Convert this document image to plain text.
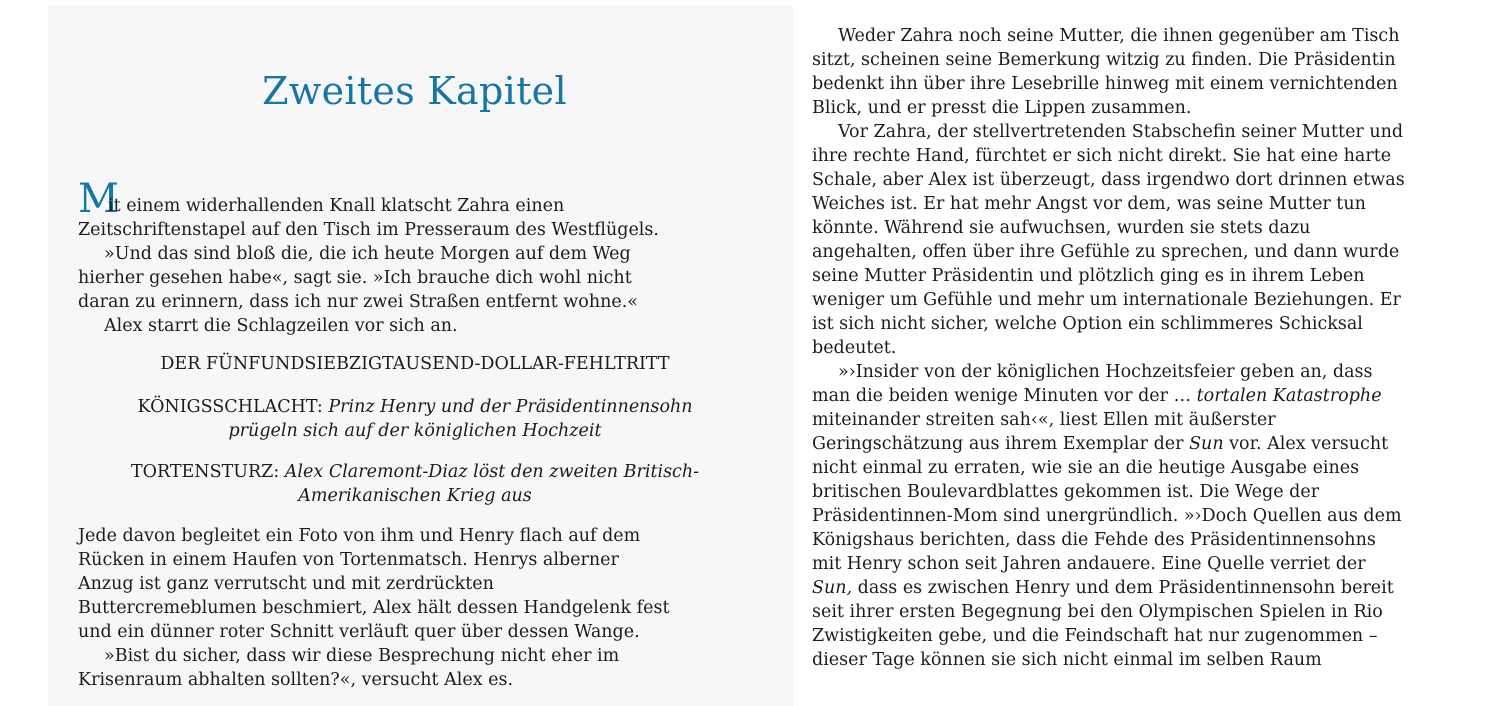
Zweites Kapitel
M
it einem widerhallenden Knall klatscht Zahra einen
Zeitschriftenstapel auf den Tisch im Presseraum des Westflügels.
»Und das sind bloß die, die ich heute Morgen auf dem Weg
hierher gesehen habe«, sagt sie. »Ich brauche dich wohl nicht
daran zu erinnern, dass ich nur zwei Straßen entfernt wohne.«
Alex starrt die Schlagzeilen vor sich an.
DER FÜNFUNDSIEBZIGTAUSEND-DOLLAR-FEHLTRITT
KÖNIGSSCHLACHT: Prinz Henry und der Präsidentinnensohn
prügeln sich auf der königlichen Hochzeit
TORTENSTURZ: Alex Claremont-Diaz löst den zweiten Britisch-
Amerikanischen Krieg aus
Jede davon begleitet ein Foto von ihm und Henry flach auf dem
Rücken in einem Haufen von Tortenmatsch. Henrys alberner
Anzug ist ganz verrutscht und mit zerdrückten
Buttercremeblumen beschmiert, Alex hält dessen Handgelenk fest
und ein dünner roter Schnitt verläuft quer über dessen Wange.
»Bist du sicher, dass wir diese Besprechung nicht eher im
Krisenraum abhalten sollten?«, versucht Alex es.
Weder Zahra noch seine Mutter, die ihnen gegenüber am Tisch
sitzt, scheinen seine Bemerkung witzig zu finden. Die Präsidentin
bedenkt ihn über ihre Lesebrille hinweg mit einem vernichtenden
Blick, und er presst die Lippen zusammen.
Vor Zahra, der stellvertretenden Stabschefin seiner Mutter und
ihre rechte Hand, fürchtet er sich nicht direkt. Sie hat eine harte
Schale, aber Alex ist überzeugt, dass irgendwo dort drinnen etwas
Weiches ist. Er hat mehr Angst vor dem, was seine Mutter tun
könnte. Während sie aufwuchsen, wurden sie stets dazu
angehalten, offen über ihre Gefühle zu sprechen, und dann wurde
seine Mutter Präsidentin und plötzlich ging es in ihrem Leben
weniger um Gefühle und mehr um internationale Beziehungen. Er
ist sich nicht sicher, welche Option ein schlimmeres Schicksal
bedeutet.
»›Insider von der königlichen Hochzeitsfeier geben an, dass
man die beiden wenige Minuten vor der … tortalen Katastrophe
miteinander streiten sah‹«, liest Ellen mit äußerster
Geringschätzung aus ihrem Exemplar der Sun vor. Alex versucht
nicht einmal zu erraten, wie sie an die heutige Ausgabe eines
britischen Boulevardblattes gekommen ist. Die Wege der
Präsidentinnen-Mom sind unergründlich. »›Doch Quellen aus dem
Königshaus berichten, dass die Fehde des Präsidentinnensohns
mit Henry schon seit Jahren andauere. Eine Quelle verriet der
Sun, dass es zwischen Henry und dem Präsidentinnensohn bereit
seit ihrer ersten Begegnung bei den Olympischen Spielen in Rio
Zwistigkeiten gebe, und die Feindschaft hat nur zugenommen –
dieser Tage können sie sich nicht einmal im selben Raum
